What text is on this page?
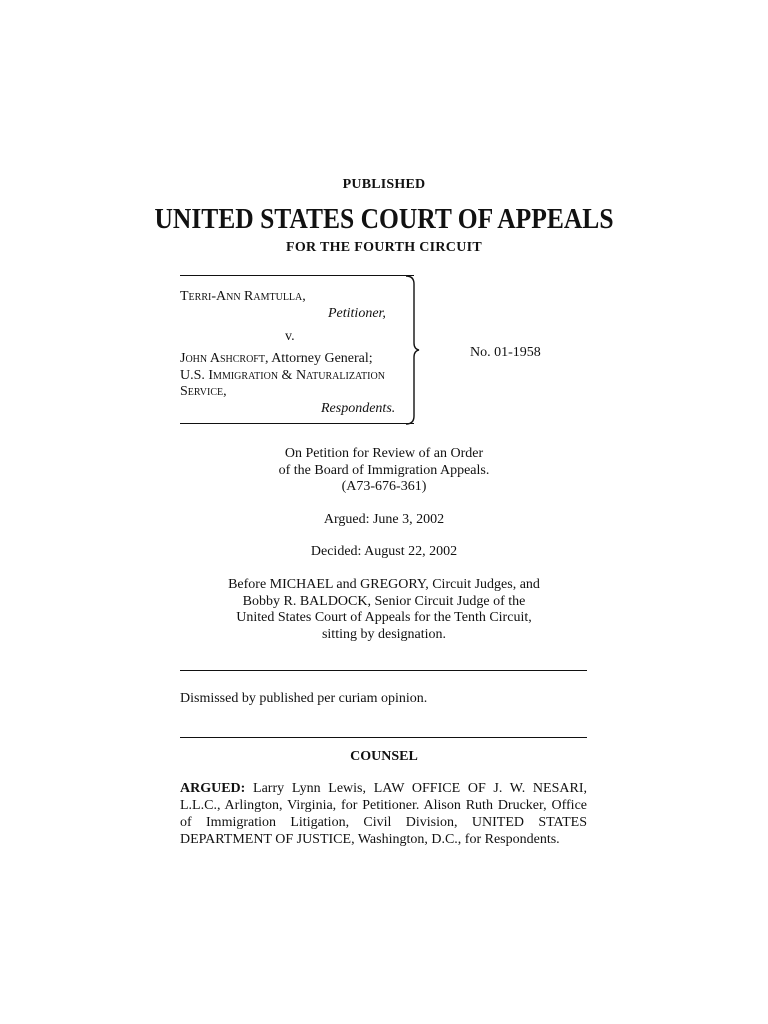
PUBLISHED
UNITED STATES COURT OF APPEALS
FOR THE FOURTH CIRCUIT
Terri-Ann Ramtulla,
Petitioner,
v.
John Ashcroft, Attorney General;
U.S. Immigration & Naturalization
Service,
Respondents.
No. 01-1958
On Petition for Review of an Order
of the Board of Immigration Appeals.
(A73-676-361)
Argued: June 3, 2002
Decided: August 22, 2002
Before MICHAEL and GREGORY, Circuit Judges, and
Bobby R. BALDOCK, Senior Circuit Judge of the
United States Court of Appeals for the Tenth Circuit,
sitting by designation.
Dismissed by published per curiam opinion.
COUNSEL
ARGUED: Larry Lynn Lewis, LAW OFFICE OF J. W. NESARI, L.L.C., Arlington, Virginia, for Petitioner. Alison Ruth Drucker, Office of Immigration Litigation, Civil Division, UNITED STATES DEPARTMENT OF JUSTICE, Washington, D.C., for Respondents.
